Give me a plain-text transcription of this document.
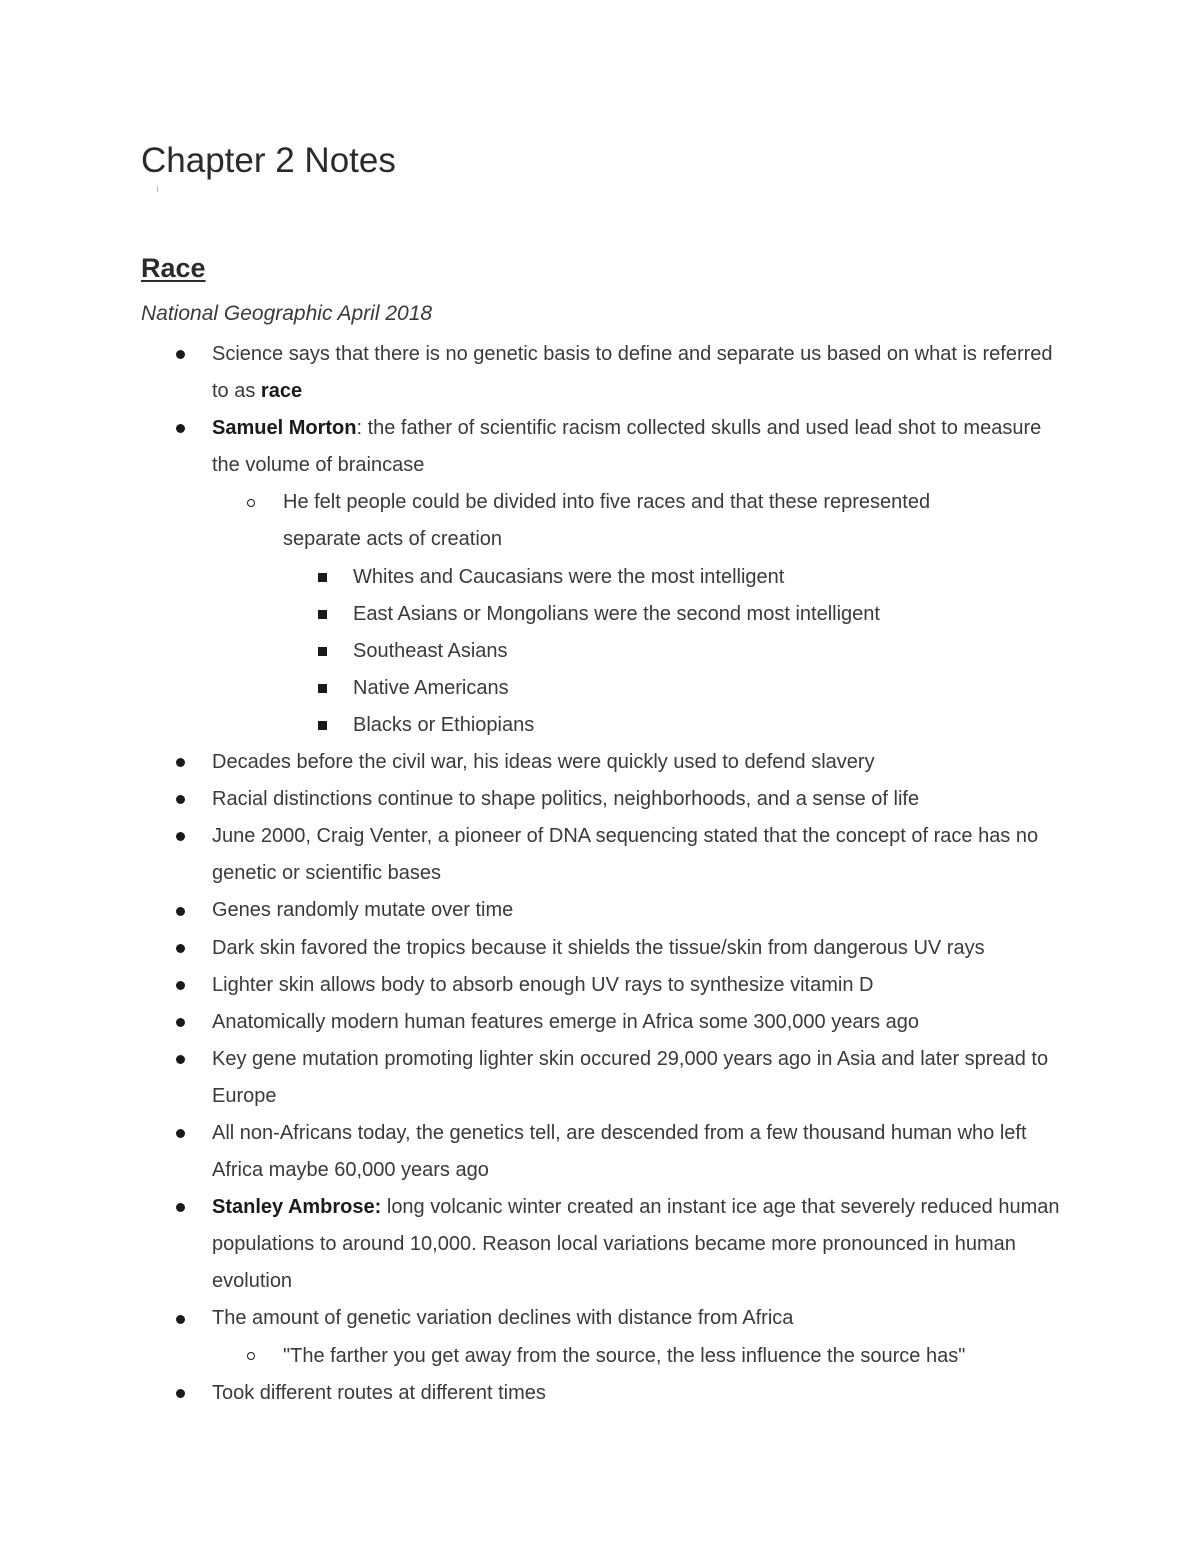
Chapter 2 Notes
Race
National Geographic April 2018
Science says that there is no genetic basis to define and separate us based on what is referred to as race
Samuel Morton: the father of scientific racism collected skulls and used lead shot to measure the volume of braincase
He felt people could be divided into five races and that these represented separate acts of creation
Whites and Caucasians were the most intelligent
East Asians or Mongolians were the second most intelligent
Southeast Asians
Native Americans
Blacks or Ethiopians
Decades before the civil war, his ideas were quickly used to defend slavery
Racial distinctions continue to shape politics, neighborhoods, and a sense of life
June 2000, Craig Venter, a pioneer of DNA sequencing stated that the concept of race has no genetic or scientific bases
Genes randomly mutate over time
Dark skin favored the tropics because it shields the tissue/skin from dangerous UV rays
Lighter skin allows body to absorb enough UV rays to synthesize vitamin D
Anatomically modern human features emerge in Africa some 300,000 years ago
Key gene mutation promoting lighter skin occured 29,000 years ago in Asia and later spread to Europe
All non-Africans today, the genetics tell, are descended from a few thousand human who left Africa maybe 60,000 years ago
Stanley Ambrose: long volcanic winter created an instant ice age that severely reduced human populations to around 10,000. Reason local variations became more pronounced in human evolution
The amount of genetic variation declines with distance from Africa
"The farther you get away from the source, the less influence the source has"
Took different routes at different times
